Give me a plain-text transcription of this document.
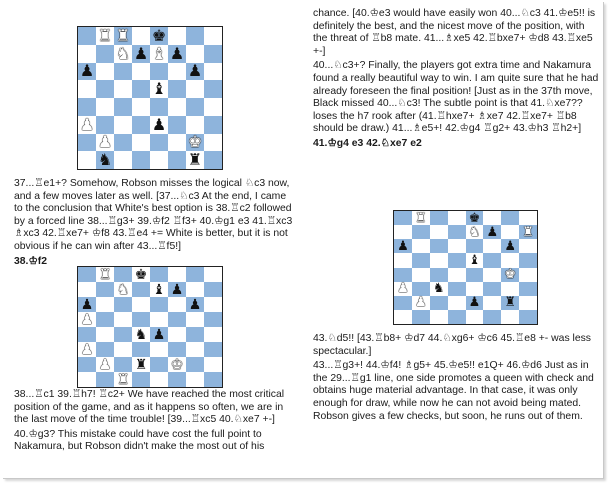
♜ ♜ ♚
♞ ♟ ♝ ♟
♟	♟
♝
♟	♟
♟	♚
♞	♜

37...♖e1+? Somehow, Robson misses the logical ♘c3 now, and a few moves later as well. [37...♘c3 At the end, I came to the conclusion that White's best option is 38.♖c2 followed by a forced line 38...♖g3+ 39.♔f2 ♖f3+ 40.♔g1 e3 41.♖xc3 ♗xc3 42.♖xe7+ ♔f8 43.♖e4 += White is better, but it is not obvious if he can win after 43...♖f5!]

38.♔f2

♜ ♚
♞ ♝ ♟
♟	♟
♟
♞ ♟
♟
♟ ♜ ♚
♜

38...♖c1 39.♖h7! ♖c2+ We have reached the most critical position of the game, and as it happens so often, we are in the last move of the time trouble! [39...♖xc5 40.♘xe7 +-]

40.♔g3? This mistake could have cost the full point to Nakamura, but Robson didn't make the most out of his

chance. [40.♔e3 would have easily won 40...♘c3 41.♔e5!! is definitely the best, and the nicest move of the position, with the threat of ♖b8 mate. 41...♗xe5 42.♖bxe7+ ♔d8 43.♖xe5 +-]

40...♘c3+? Finally, the players got extra time and Nakamura found a really beautiful way to win. I am quite sure that he had already foreseen the final position! [Just as in the 37th move, Black missed 40...♘c3! The subtle point is that 41.♘xe7?? loses the h7 rook after (41.♖hxe7+ ♗xe7 42.♖xe7+ ♖b8 should be draw.) 41...♗e5+! 42.♔g4 ♖g2+ 43.♔h3 ♖h2+]

41.♔g4 e3 42.♘xe7 e2

♜	♚
♞ ♟ ♜
♟	♟
♝
♚
♟ ♞
♟	♟ ♜

43.♘d5!! [43.♖b8+ ♔d7 44.♘xg6+ ♔c6 45.♖e8 +- was less spectacular.]

43...♖g3+! 44.♔f4! ♗g5+ 45.♔e5!! e1Q+ 46.♔d6 Just as in the 29...♖g1 line, one side promotes a queen with check and obtains huge material advantage. In that case, it was only enough for draw, while now he can not avoid being mated. Robson gives a few checks, but soon, he runs out of them.
